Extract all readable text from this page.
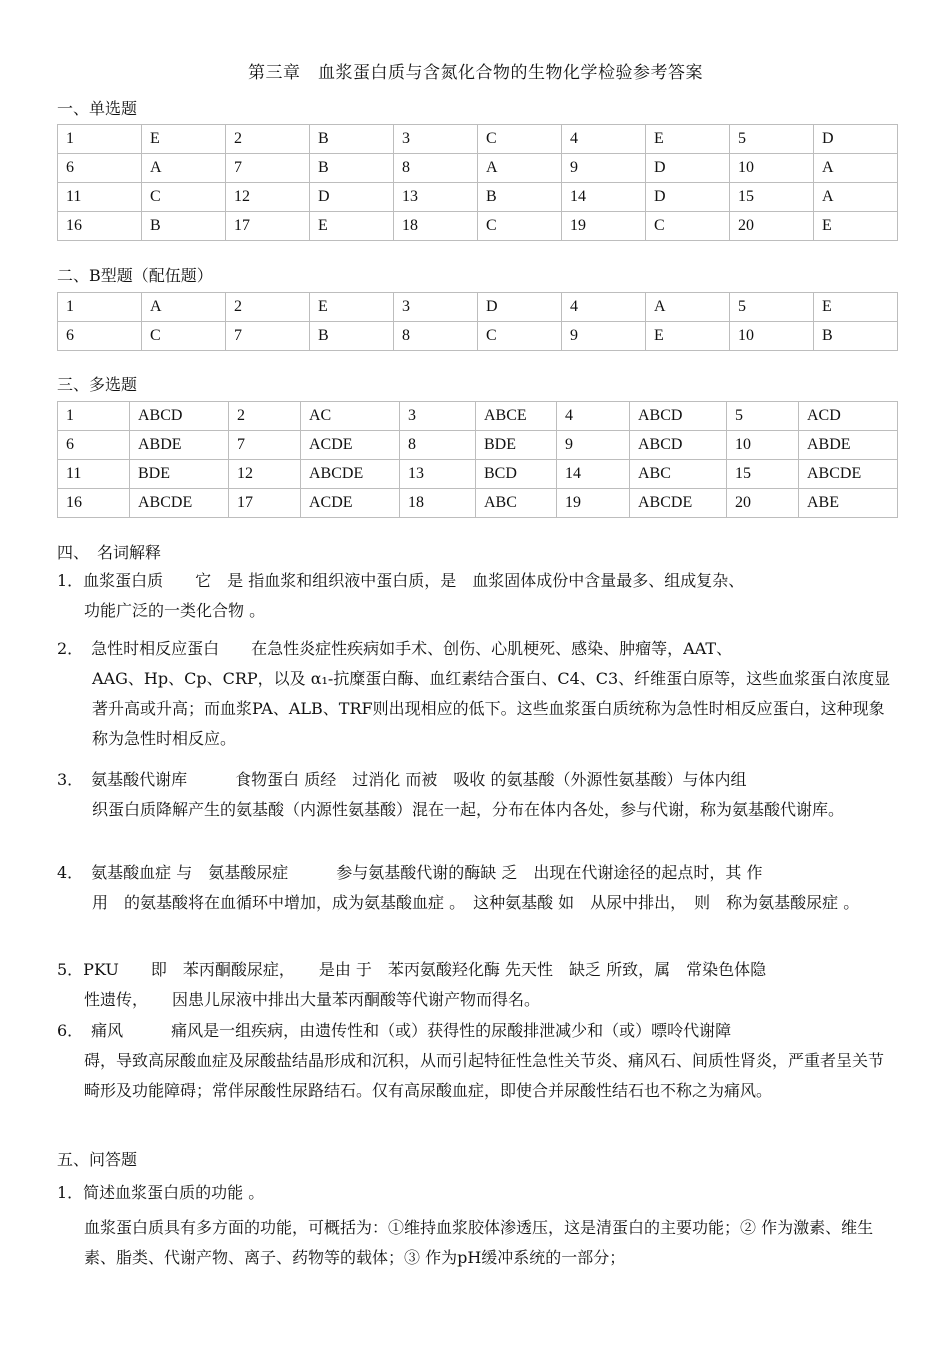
第三章　血浆蛋白质与含氮化合物的生物化学检验参考答案
一、单选题
1	E	2	B	3	C	4	E	5	D
6	A	7	B	8	A	9	D	10	A
11	C	12	D	13	B	14	D	15	A
16	B	17	E	18	C	19	C	20	E
二、B型题（配伍题）
1	A	2	E	3	D	4	A	5	E
6	C	7	B	8	C	9	E	10	B
三、多选题
1	ABCD	2	AC	3	ABCE	4	ABCD	5	ACD
6	ABDE	7	ACDE	8	BDE	9	ABCD	10	ABDE
11	BDE	12	ABCDE	13	BCD	14	ABC	15	ABCDE
16	ABCDE	17	ACDE	18	ABC	19	ABCDE	20	ABE
四、　名词解释
1．血浆蛋白质　　它　是 指血浆和组织液中蛋白质，是　血浆固体成份中含量最多、组成复杂、
功能广泛的一类化合物 。
2．　急性时相反应蛋白　　在急性炎症性疾病如手术、创伤、心肌梗死、感染、肿瘤等，AAT、
AAG、Hp、Cp、CRP，以及 α₁-抗糜蛋白酶、血红素结合蛋白、C4、C3、纤维蛋白原等，这些血浆蛋白浓度显著升高或升高；而血浆PA、ALB、TRF则出现相应的低下。这些血浆蛋白质统称为急性时相反应蛋白，这种现象称为急性时相反应。
3．　氨基酸代谢库　　　食物蛋白 质经　过消化 而被　吸收 的氨基酸（外源性氨基酸）与体内组
织蛋白质降解产生的氨基酸（内源性氨基酸）混在一起，分布在体内各处，参与代谢，称为氨基酸代谢库。
4．　氨基酸血症 与　氨基酸尿症　　　参与氨基酸代谢的酶缺 乏　出现在代谢途径的起点时，其 作
用　的氨基酸将在血循环中增加，成为氨基酸血症 。　这种氨基酸 如　从尿中排出，　则　称为氨基酸尿症 。
5．PKU　　即　苯丙酮酸尿症，　　是由 于　苯丙氨酸羟化酶 先天性　缺乏 所致，属　常染色体隐
性遗传，　　因患儿尿液中排出大量苯丙酮酸等代谢产物而得名。
6．　痛风　　　痛风是一组疾病，由遗传性和（或）获得性的尿酸排泄减少和（或）嘌呤代谢障
碍，导致高尿酸血症及尿酸盐结晶形成和沉积，从而引起特征性急性关节炎、痛风石、间质性肾炎，严重者呈关节畸形及功能障碍；常伴尿酸性尿路结石。仅有高尿酸血症，即使合并尿酸性结石也不称之为痛风。
五、问答题
1．简述血浆蛋白质的功能 。
血浆蛋白质具有多方面的功能，可概括为：①维持血浆胶体渗透压，这是清蛋白的主要功能；② 作为激素、维生素、脂类、代谢产物、离子、药物等的载体；③ 作为pH缓冲系统的一部分；
